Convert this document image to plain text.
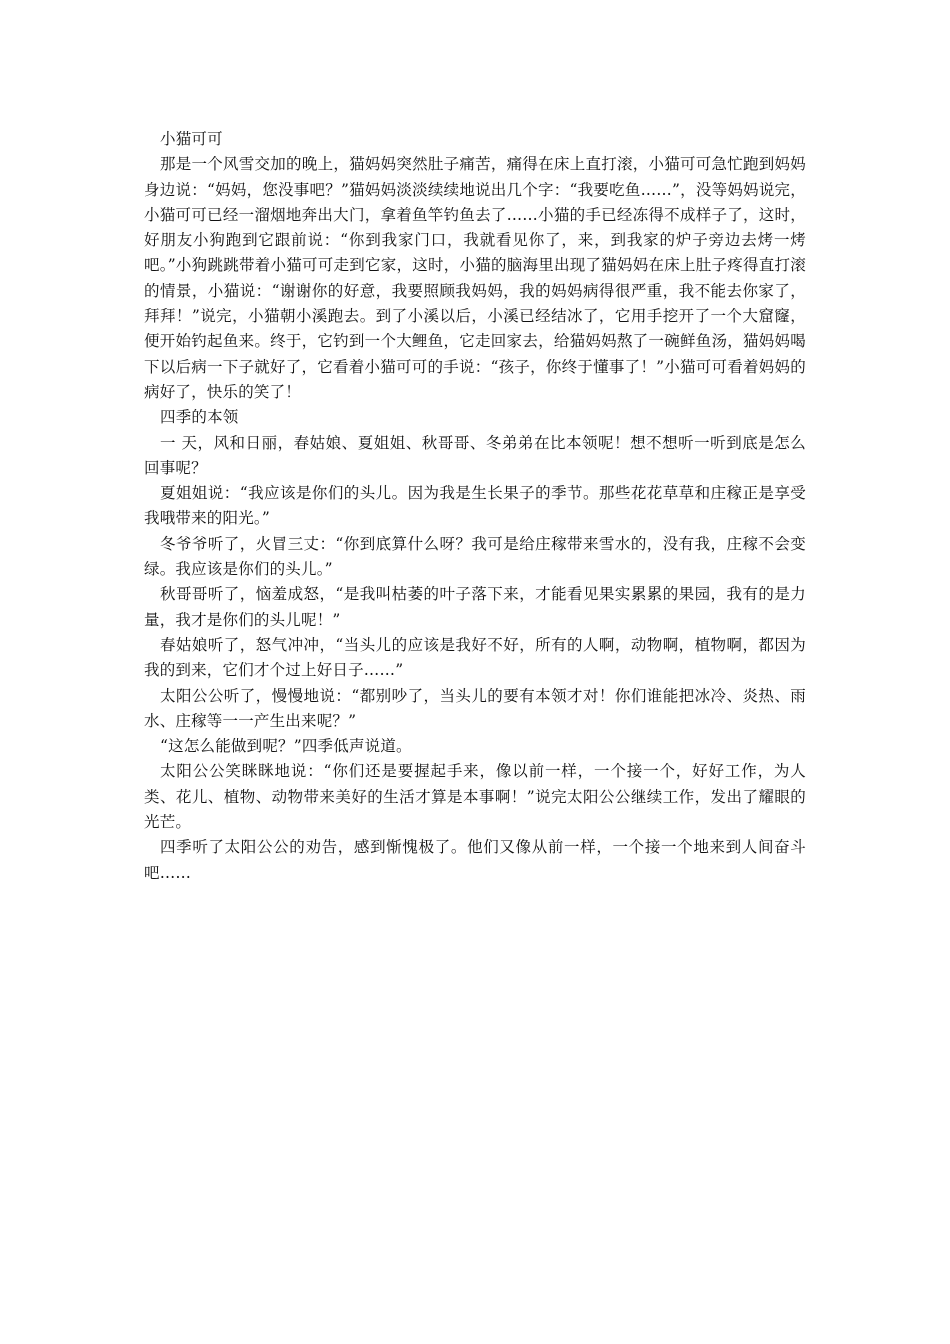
小猫可可

那是一个风雪交加的晚上，猫妈妈突然肚子痛苦，痛得在床上直打滚，小猫可可急忙跑到妈妈身边说：“妈妈，您没事吧？”猫妈妈淡淡续续地说出几个字：“我要吃鱼……”，没等妈妈说完，小猫可可已经一溜烟地奔出大门，拿着鱼竿钓鱼去了……小猫的手已经冻得不成样子了，这时，好朋友小狗跑到它跟前说：“你到我家门口，我就看见你了，来，到我家的炉子旁边去烤一烤吧。”小狗跳跳带着小猫可可走到它家，这时，小猫的脑海里出现了猫妈妈在床上肚子疼得直打滚的情景，小猫说：“谢谢你的好意，我要照顾我妈妈，我的妈妈病得很严重，我不能去你家了，拜拜！”说完，小猫朝小溪跑去。到了小溪以后，小溪已经结冰了，它用手挖开了一个大窟窿，便开始钓起鱼来。终于，它钓到一个大鲤鱼，它走回家去，给猫妈妈熬了一碗鲜鱼汤，猫妈妈喝下以后病一下子就好了，它看着小猫可可的手说：“孩子，你终于懂事了！”小猫可可看着妈妈的病好了，快乐的笑了！

四季的本领

一 天，风和日丽，春姑娘、夏姐姐、秋哥哥、冬弟弟在比本领呢！想不想听一听到底是怎么回事呢？

夏姐姐说：“我应该是你们的头儿。因为我是生长果子的季节。那些花花草草和庄稼正是享受我哦带来的阳光。”

冬爷爷听了，火冒三丈：“你到底算什么呀？我可是给庄稼带来雪水的，没有我，庄稼不会变绿。我应该是你们的头儿。”

秋哥哥听了，恼羞成怒，“是我叫枯萎的叶子落下来，才能看见果实累累的果园，我有的是力量，我才是你们的头儿呢！”

春姑娘听了，怒气冲冲，“当头儿的应该是我好不好，所有的人啊，动物啊，植物啊，都因为我的到来，它们才个过上好日子……”

太阳公公听了，慢慢地说：“都别吵了，当头儿的要有本领才对！你们谁能把冰冷、炎热、雨水、庄稼等一一产生出来呢？”

“这怎么能做到呢？”四季低声说道。

太阳公公笑眯眯地说：“你们还是要握起手来，像以前一样，一个接一个，好好工作，为人类、花儿、植物、动物带来美好的生活才算是本事啊！”说完太阳公公继续工作，发出了耀眼的光芒。

四季听了太阳公公的劝告，感到惭愧极了。他们又像从前一样，一个接一个地来到人间奋斗吧……
